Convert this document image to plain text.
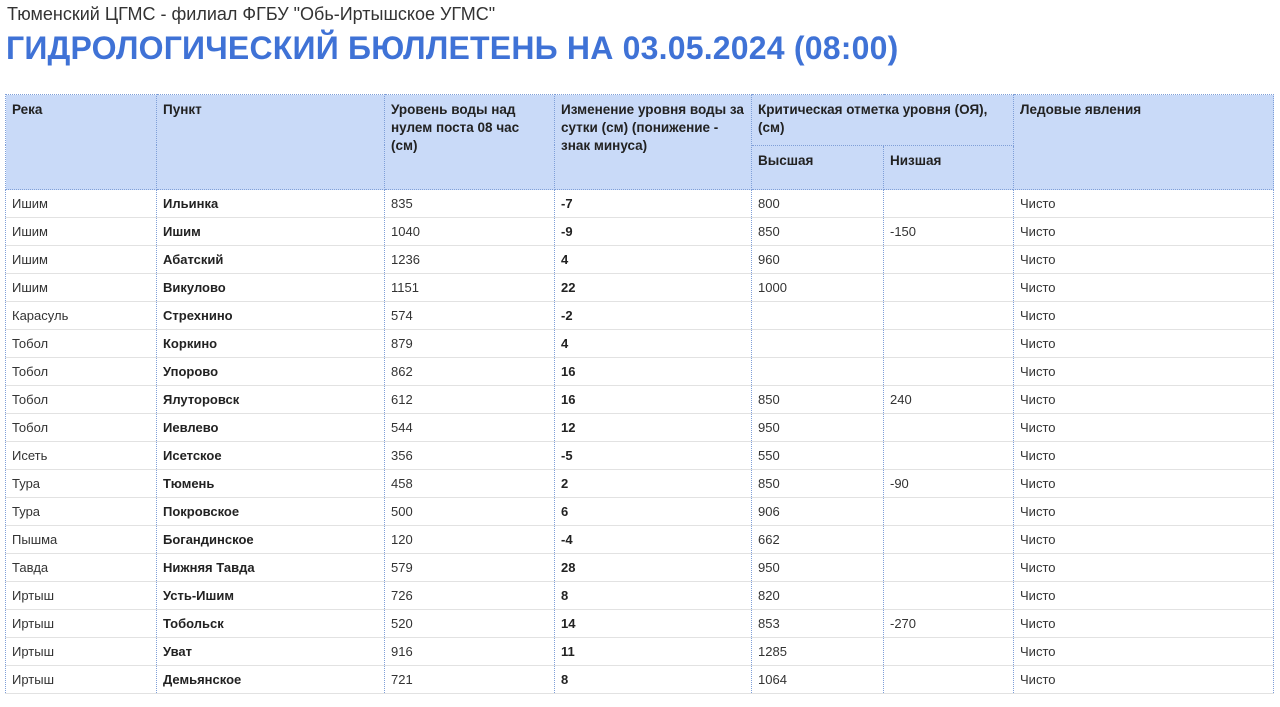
Тюменский ЦГМС - филиал ФГБУ "Обь-Иртышское УГМС"
ГИДРОЛОГИЧЕСКИЙ БЮЛЛЕТЕНЬ НА 03.05.2024 (08:00)
Река	Пункт	Уровень воды над нулем поста 08 час (см)	Изменение уровня воды за сутки (см) (понижение - знак минуса)	Критическая отметка уровня (ОЯ), (см)		Ледовые явления
				Высшая	Низшая	
Ишим	Ильинка	835	-7	800		Чисто
Ишим	Ишим	1040	-9	850	-150	Чисто
Ишим	Абатский	1236	4	960		Чисто
Ишим	Викулово	1151	22	1000		Чисто
Карасуль	Стрехнино	574	-2			Чисто
Тобол	Коркино	879	4			Чисто
Тобол	Упорово	862	16			Чисто
Тобол	Ялуторовск	612	16	850	240	Чисто
Тобол	Иевлево	544	12	950		Чисто
Исеть	Исетское	356	-5	550		Чисто
Тура	Тюмень	458	2	850	-90	Чисто
Тура	Покровское	500	6	906		Чисто
Пышма	Богандинское	120	-4	662		Чисто
Тавда	Нижняя Тавда	579	28	950		Чисто
Иртыш	Усть-Ишим	726	8	820		Чисто
Иртыш	Тобольск	520	14	853	-270	Чисто
Иртыш	Уват	916	11	1285		Чисто
Иртыш	Демьянское	721	8	1064		Чисто
